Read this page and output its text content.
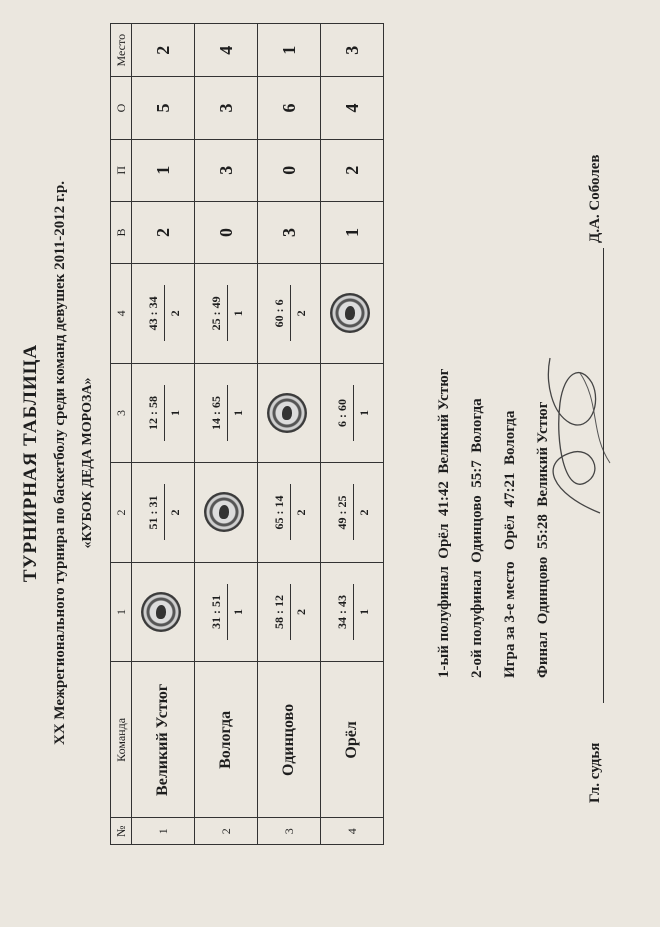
ТУРНИРНАЯ ТАБЛИЦА XX Межрегионального турнира по баскетболу среди команд девушек 2011-2012 г.р. «КУБОК ДЕДА МОРОЗА»
№	Команда	1	2	3	4	В	П	О	Место
1	Великий Устюг		51 : 31 2	12 : 58 1	43 : 34 2	2	1	5	2
2	Вологда	31 : 51 1		14 : 65 1	25 : 49 1	0	3	3	4
3	Одинцово	58 : 12 2	65 : 14 2		60 : 6 2	3	0	6	1
4	Орёл	34 : 43 1	49 : 25 2	6 : 60 1		1	2	4	3
1-ый полуфинал  Орёл  41:42  Великий Устюг	2-ой полуфинал  Одинцово  55:7  Вологда	Игра за 3-е место   Орёл  47:21  Вологда	Финал  Одинцово  55:28  Великий Устюг
Гл. судья
Д.А. Соболев
